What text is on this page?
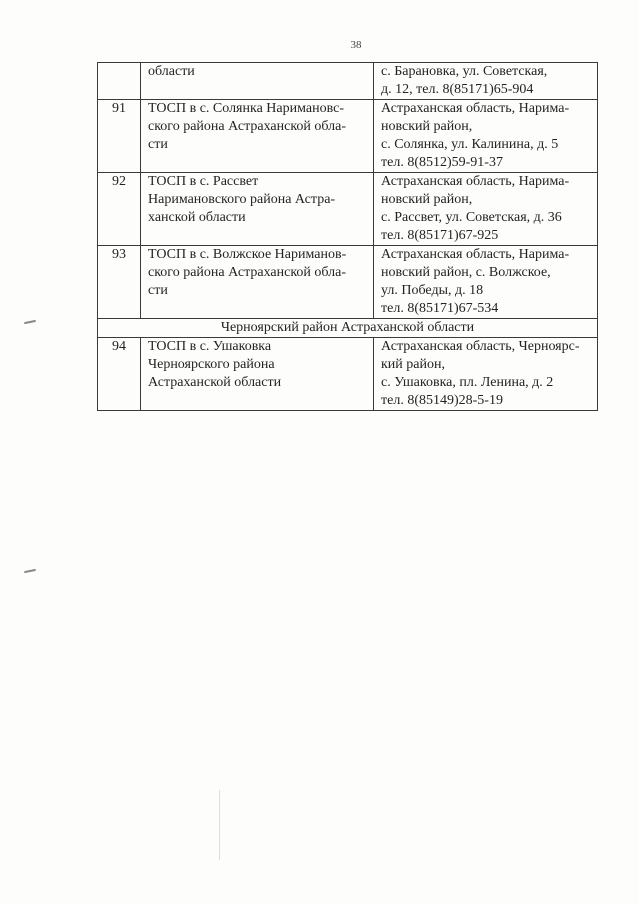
38

	области	с. Барановка, ул. Советская,
д. 12, тел. 8(85171)65-904

91	ТОСП в с. Солянка Наримановс-
ского района Астраханской обла-
сти	Астраханская область, Нарима-
новский район,
с. Солянка, ул. Калинина, д. 5
тел. 8(8512)59-91-37

92	ТОСП в с. Рассвет
Наримановского района Астра-
ханской области	Астраханская область, Нарима-
новский район,
с. Рассвет, ул. Советская, д. 36
тел. 8(85171)67-925

93	ТОСП в с. Волжское Нариманов-
ского района Астраханской обла-
сти	Астраханская область, Нарима-
новский район, с. Волжское,
ул. Победы, д. 18
тел. 8(85171)67-534

Черноярский район Астраханской области		
94	ТОСП в с. Ушаковка
Черноярского района
Астраханской области	Астраханская область, Черноярс-
кий район,
с. Ушаковка, пл. Ленина, д. 2
тел. 8(85149)28-5-19
